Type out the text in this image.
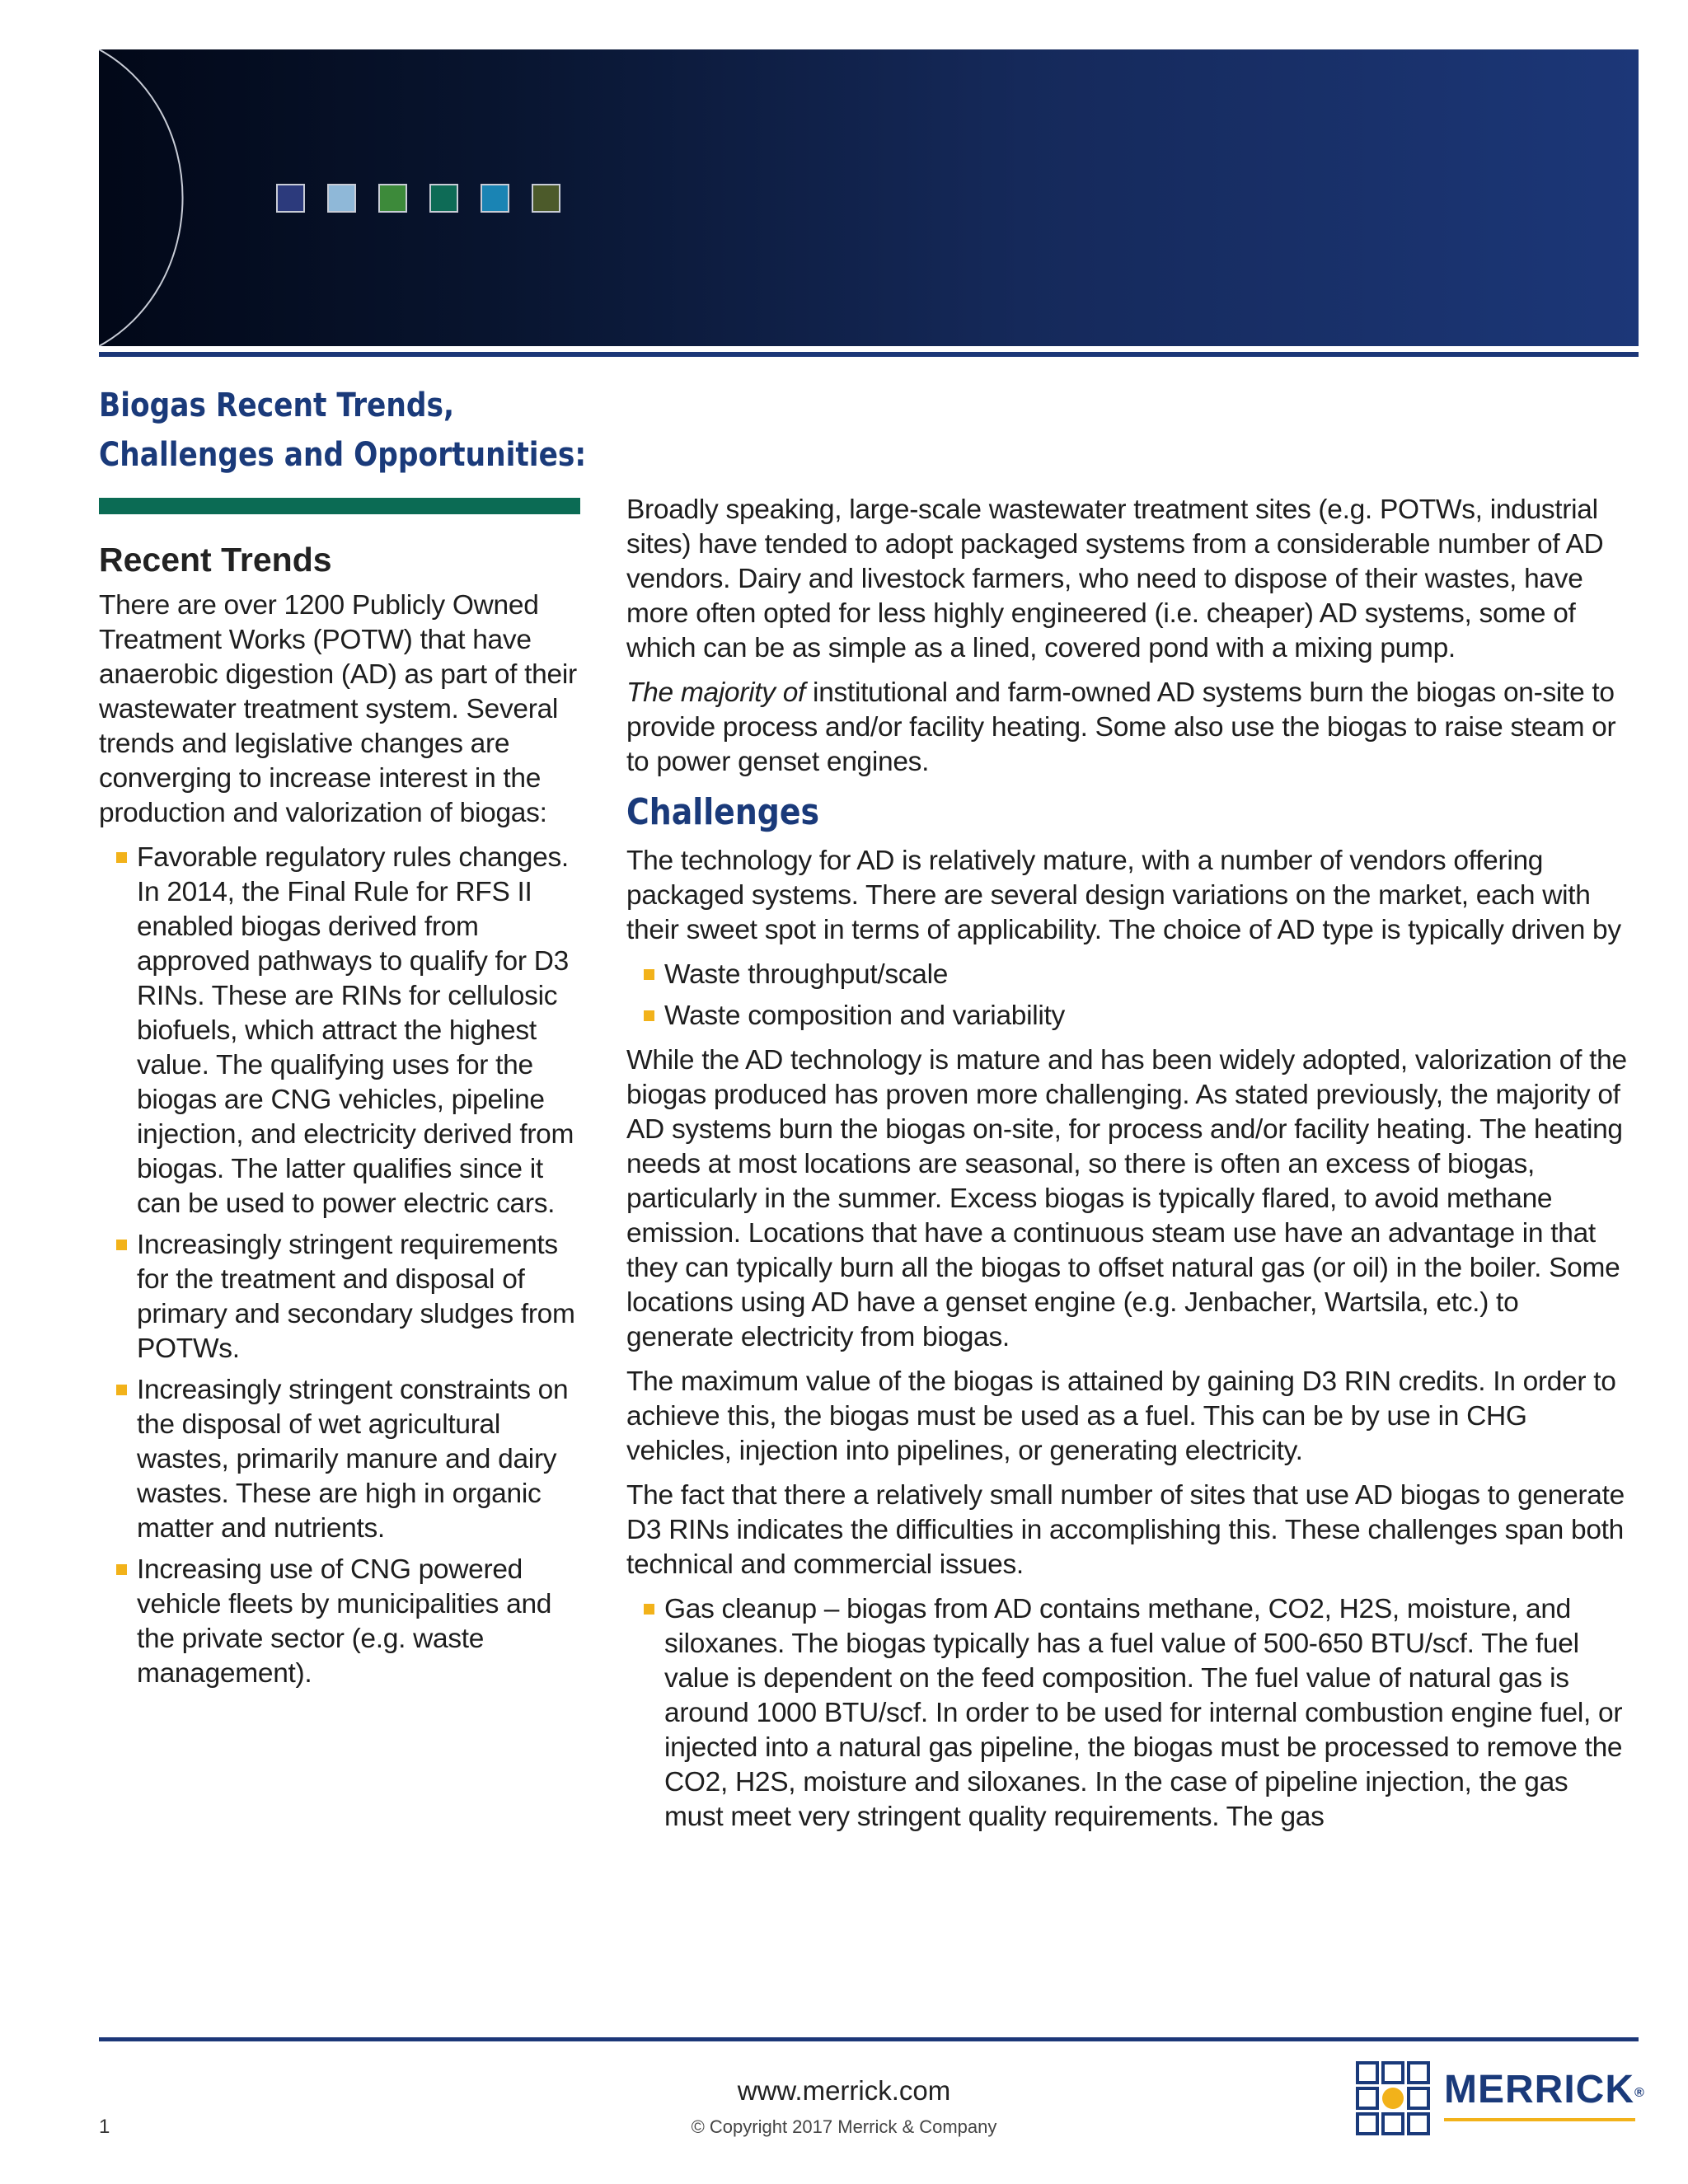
Biogas Recent Trends,
Challenges and Opportunities:
Recent Trends

There are over 1200 Publicly Owned Treatment Works (POTW) that have anaerobic digestion (AD) as part of their wastewater treatment system. Several trends and legislative changes are converging to increase interest in the production and valorization of biogas:

Favorable regulatory rules changes. In 2014, the Final Rule for RFS II enabled biogas derived from approved pathways to qualify for D3 RINs. These are RINs for cellulosic biofuels, which attract the highest value. The qualifying uses for the biogas are CNG vehicles, pipeline injection, and electricity derived from biogas. The latter qualifies since it can be used to power electric cars.
Increasingly stringent requirements for the treatment and disposal of primary and secondary sludges from POTWs.
Increasingly stringent constraints on the disposal of wet agricultural wastes, primarily manure and dairy wastes. These are high in organic matter and nutrients.
Increasing use of CNG powered vehicle fleets by municipalities and the private sector (e.g. waste management).

Broadly speaking, large-scale wastewater treatment sites (e.g. POTWs, industrial sites) have tended to adopt packaged systems from a considerable number of AD vendors. Dairy and livestock farmers, who need to dispose of their wastes, have more often opted for less highly engineered (i.e. cheaper) AD systems, some of which can be as simple as a lined, covered pond with a mixing pump.

The majority of institutional and farm-owned AD systems burn the biogas on-site to provide process and/or facility heating. Some also use the biogas to raise steam or to power genset engines.

Challenges

The technology for AD is relatively mature, with a number of vendors offering packaged systems. There are several design variations on the market, each with their sweet spot in terms of applicability. The choice of AD type is typically driven by

Waste throughput/scale
Waste composition and variability

While the AD technology is mature and has been widely adopted, valorization of the biogas produced has proven more challenging. As stated previously, the majority of AD systems burn the biogas on-site, for process and/or facility heating. The heating needs at most locations are seasonal, so there is often an excess of biogas, particularly in the summer. Excess biogas is typically flared, to avoid methane emission. Locations that have a continuous steam use have an advantage in that they can typically burn all the biogas to offset natural gas (or oil) in the boiler. Some locations using AD have a genset engine (e.g. Jenbacher, Wartsila, etc.) to generate electricity from biogas.

The maximum value of the biogas is attained by gaining D3 RIN credits. In order to achieve this, the biogas must be used as a fuel. This can be by use in CHG vehicles, injection into pipelines, or generating electricity.

The fact that there a relatively small number of sites that use AD biogas to generate D3 RINs indicates the difficulties in accomplishing this. These challenges span both technical and commercial issues.

Gas cleanup – biogas from AD contains methane, CO2, H2S, moisture, and siloxanes. The biogas typically has a fuel value of 500-650 BTU/scf. The fuel value is dependent on the feed composition. The fuel value of natural gas is around 1000 BTU/scf. In order to be used for internal combustion engine fuel, or injected into a natural gas pipeline, the biogas must be processed to remove the CO2, H2S, moisture and siloxanes. In the case of pipeline injection, the gas must meet very stringent quality requirements. The gas
1
www.merrick.com
© Copyright 2017 Merrick & Company
MERRICK®
